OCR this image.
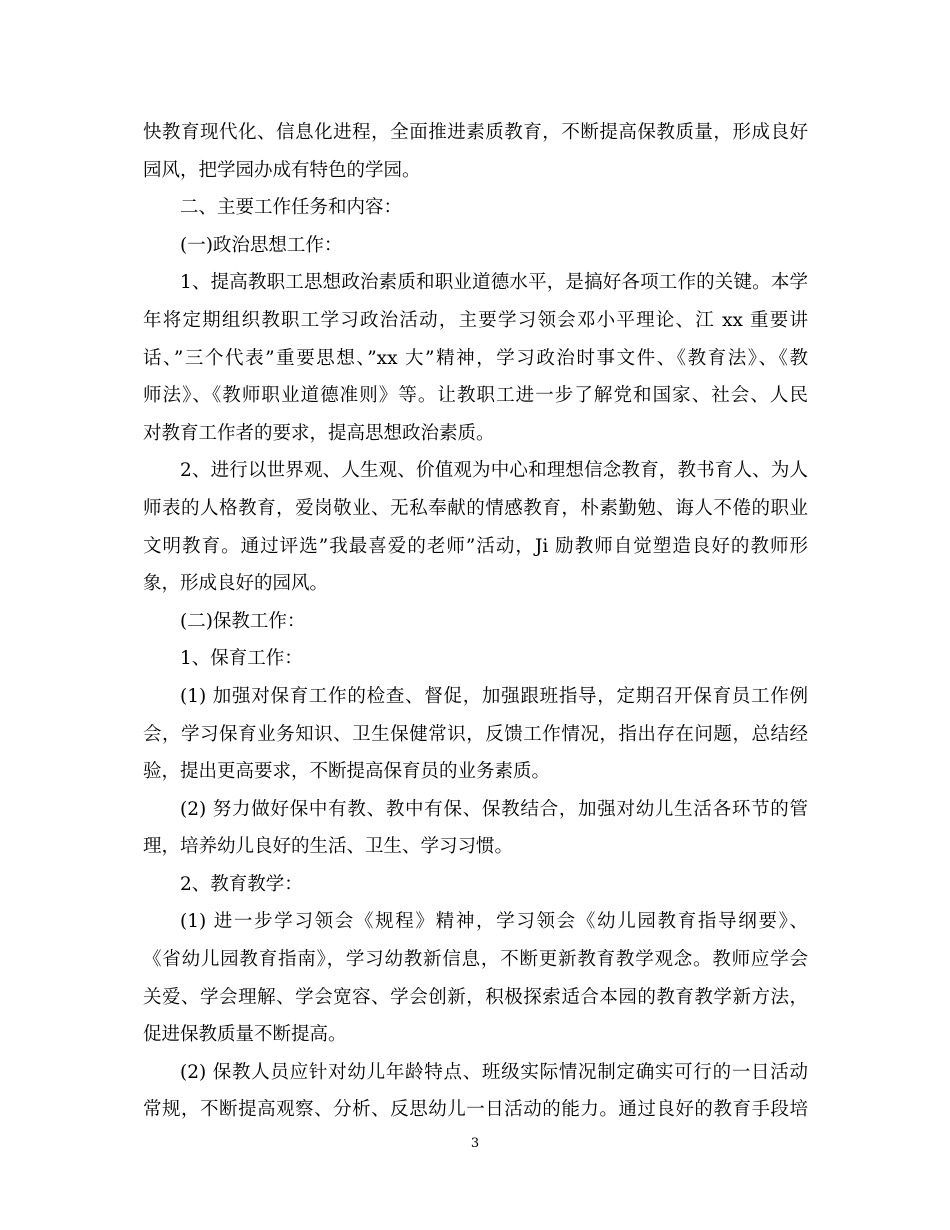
快教育现代化、信息化进程，全面推进素质教育，不断提高保教质量，形成良好
园风，把学园办成有特色的学园。
二、主要工作任务和内容：
(一)政治思想工作：
1、提高教职工思想政治素质和职业道德水平，是搞好各项工作的关键。本学
年将定期组织教职工学习政治活动，主要学习领会邓小平理论、江 xx 重要讲
话、”三个代表”重要思想、”xx 大”精神，学习政治时事文件、《教育法》、《教
师法》、《教师职业道德准则》等。让教职工进一步了解党和国家、社会、人民
对教育工作者的要求，提高思想政治素质。
2、进行以世界观、人生观、价值观为中心和理想信念教育，教书育人、为人
师表的人格教育，爱岗敬业、无私奉献的情感教育，朴素勤勉、诲人不倦的职业
文明教育。通过评选”我最喜爱的老师”活动，Ji 励教师自觉塑造良好的教师形
象，形成良好的园风。
(二)保教工作：
1、保育工作：
(1) 加强对保育工作的检查、督促，加强跟班指导，定期召开保育员工作例
会，学习保育业务知识、卫生保健常识，反馈工作情况，指出存在问题，总结经
验，提出更高要求，不断提高保育员的业务素质。
(2) 努力做好保中有教、教中有保、保教结合，加强对幼儿生活各环节的管
理，培养幼儿良好的生活、卫生、学习习惯。
2、教育教学：
(1) 进一步学习领会《规程》精神，学习领会《幼儿园教育指导纲要》、
《省幼儿园教育指南》，学习幼教新信息，不断更新教育教学观念。教师应学会
关爱、学会理解、学会宽容、学会创新，积极探索适合本园的教育教学新方法，
促进保教质量不断提高。
(2) 保教人员应针对幼儿年龄特点、班级实际情况制定确实可行的一日活动
常规，不断提高观察、分析、反思幼儿一日活动的能力。通过良好的教育手段培
3
